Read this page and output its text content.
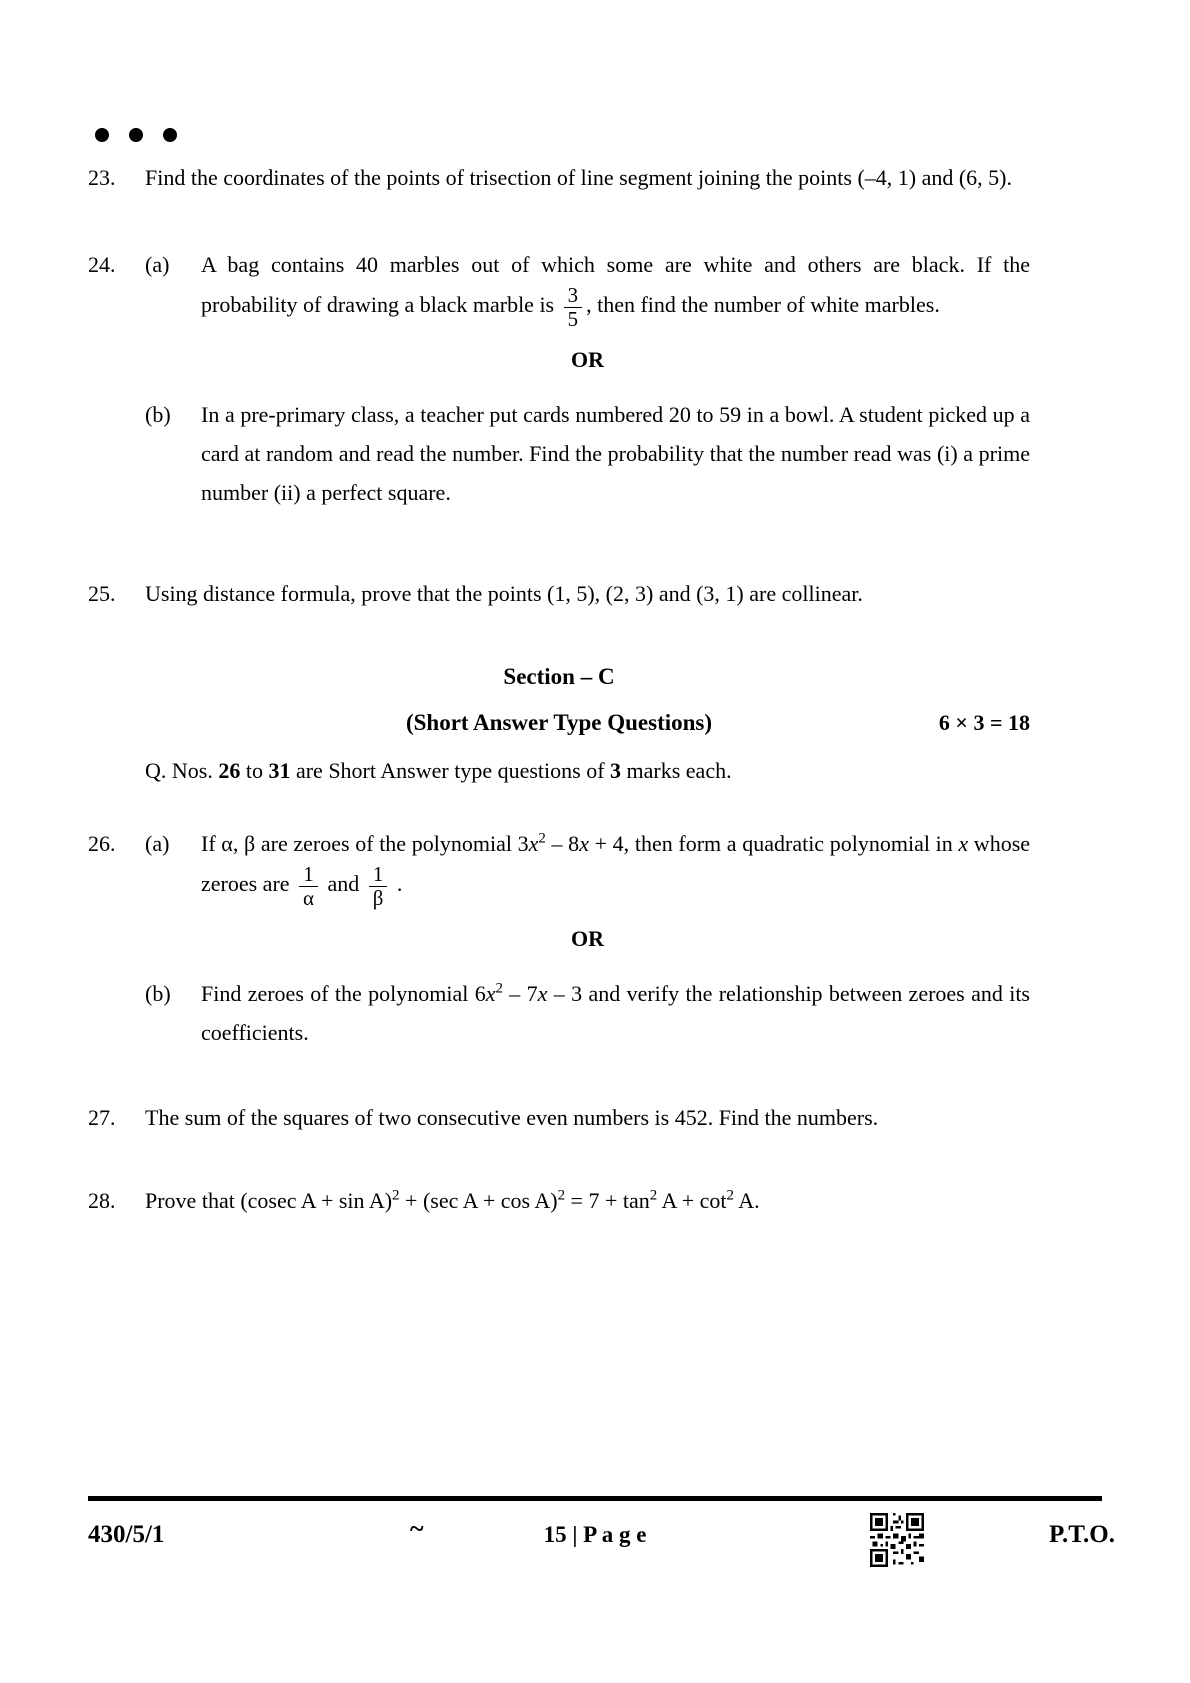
23.	Find the coordinates of the points of trisection of line segment joining the points (–4, 1) and (6, 5).

24.	(a)	A bag contains 40 marbles out of which some are white and others are black. If the probability of drawing a black marble is $\frac{3}{5}$ , then find the number of white marbles.

OR
(b)	In a pre-primary class, a teacher put cards numbered 20 to 59 in a bowl. A student picked up a card at random and read the number. Find the probability that the number read was (i) a prime number (ii) a perfect square.

25.	Using distance formula, prove that the points (1, 5), (2, 3) and (3, 1) are collinear.

Section – C
(Short Answer Type Questions)	6 × 3 = 18

Q. Nos. 26 to 31 are Short Answer type questions of 3 marks each.

26.	(a)	If α, β are zeroes of the polynomial $3x^2 - 8x + 4$, then form a quadratic polynomial in x whose zeroes are $\frac{1}{\alpha}$ and $\frac{1}{\beta}$ .

OR
(b)	Find zeroes of the polynomial $6x^2 - 7x - 3$ and verify the relationship between zeroes and its coefficients.

27.	The sum of the squares of two consecutive even numbers is 452. Find the numbers.

28.	Prove that (cosec A + sin A)$^2$ + (sec $A + \cos A)^2 = 7 + \tan^2 A + \cot^2 A$.

430/5/1	~	15 | P a g e	P.T.O.
